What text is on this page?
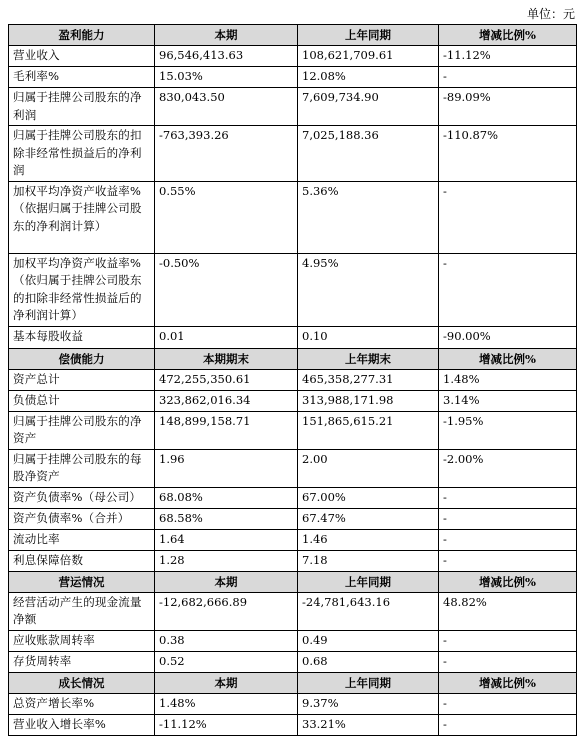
单位：元
盈利能力	本期	上年同期	增减比例%
营业收入	96,546,413.63	108,621,709.61	-11.12%
毛利率%	15.03%	12.08%	-
归属于挂牌公司股东的净利润	830,043.50	7,609,734.90	-89.09%
归属于挂牌公司股东的扣除非经常性损益后的净利润	-763,393.26	7,025,188.36	-110.87%
加权平均净资产收益率%（依据归属于挂牌公司股东的净利润计算）	0.55%	5.36%	-
加权平均净资产收益率%（依归属于挂牌公司股东的扣除非经常性损益后的净利润计算）	-0.50%	4.95%	-
基本每股收益	0.01	0.10	-90.00%
偿债能力	本期期末	上年期末	增减比例%
资产总计	472,255,350.61	465,358,277.31	1.48%
负债总计	323,862,016.34	313,988,171.98	3.14%
归属于挂牌公司股东的净资产	148,899,158.71	151,865,615.21	-1.95%
归属于挂牌公司股东的每股净资产	1.96	2.00	-2.00%
资产负债率%（母公司）	68.08%	67.00%	-
资产负债率%（合并）	68.58%	67.47%	-
流动比率	1.64	1.46	-
利息保障倍数	1.28	7.18	-
营运情况	本期	上年同期	增减比例%
经营活动产生的现金流量净额	-12,682,666.89	-24,781,643.16	48.82%
应收账款周转率	0.38	0.49	-
存货周转率	0.52	0.68	-
成长情况	本期	上年同期	增减比例%
总资产增长率%	1.48%	9.37%	-
营业收入增长率%	-11.12%	33.21%	-
